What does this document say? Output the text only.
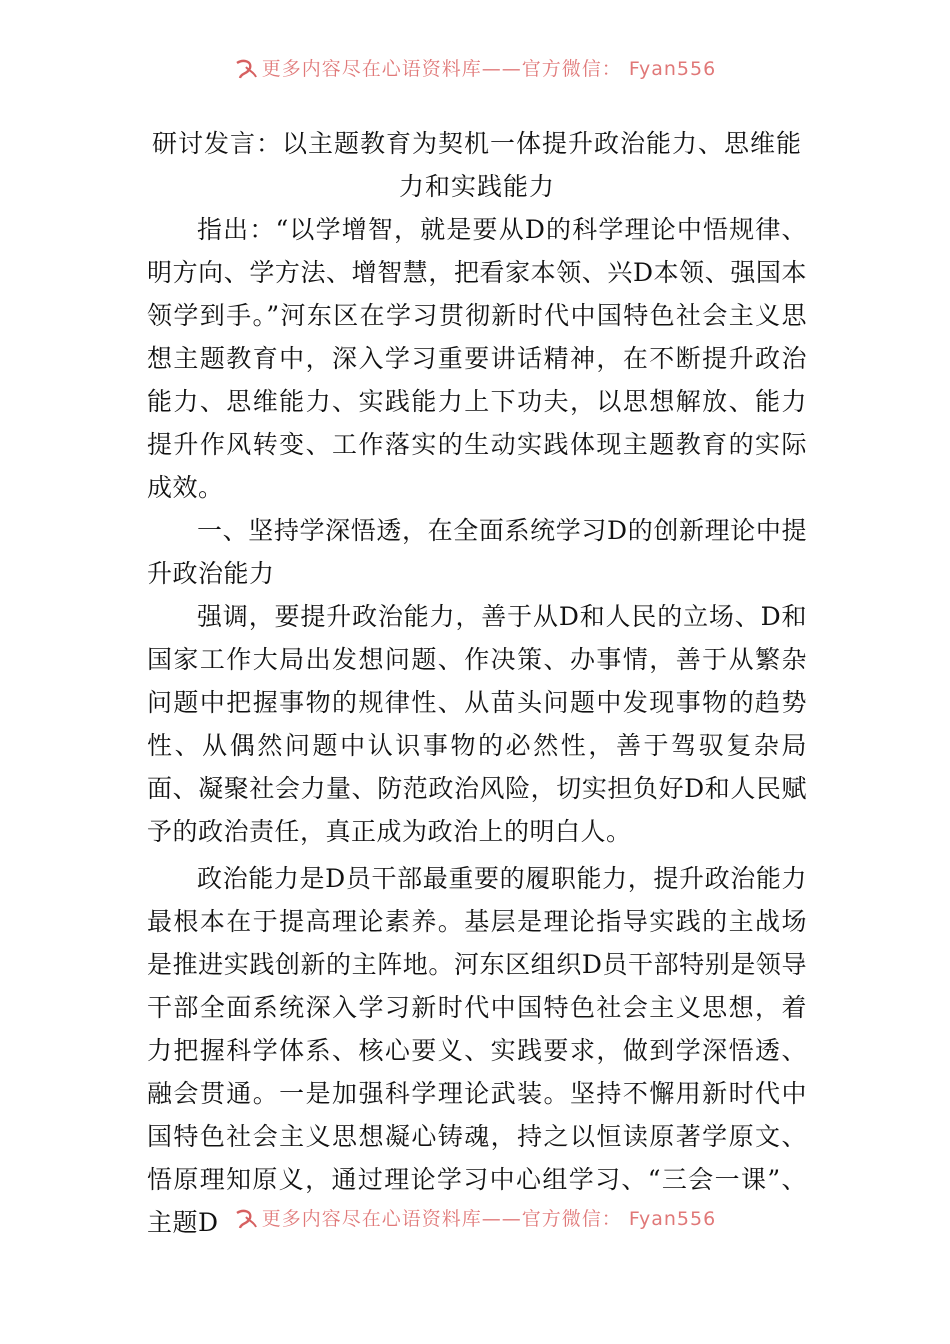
更多内容尽在心语资料库——官方微信： Fyan556
研讨发言：以主题教育为契机一体提升政治能力、思维能力和实践能力

指出：“以学增智，就是要从D的科学理论中悟规律、明方向、学方法、增智慧，把看家本领、兴D本领、强国本领学到手。”河东区在学习贯彻新时代中国特色社会主义思想主题教育中，深入学习重要讲话精神，在不断提升政治能力、思维能力、实践能力上下功夫，以思想解放、能力提升作风转变、工作落实的生动实践体现主题教育的实际成效。

一、坚持学深悟透，在全面系统学习D的创新理论中提升政治能力

强调，要提升政治能力，善于从D和人民的立场、D和国家工作大局出发想问题、作决策、办事情，善于从繁杂问题中把握事物的规律性、从苗头问题中发现事物的趋势性、从偶然问题中认识事物的必然性，善于驾驭复杂局面、凝聚社会力量、防范政治风险，切实担负好D和人民赋予的政治责任，真正成为政治上的明白人。

政治能力是D员干部最重要的履职能力，提升政治能力最根本在于提高理论素养。基层是理论指导实践的主战场是推进实践创新的主阵地。河东区组织D员干部特别是领导干部全面系统深入学习新时代中国特色社会主义思想，着力把握科学体系、核心要义、实践要求，做到学深悟透、融会贯通。一是加强科学理论武装。坚持不懈用新时代中国特色社会主义思想凝心铸魂，持之以恒读原著学原文、悟原理知原义，通过理论学习中心组学习、“三会一课”、主题D	更多内容尽在心语资料库——官方微信： Fyan556
